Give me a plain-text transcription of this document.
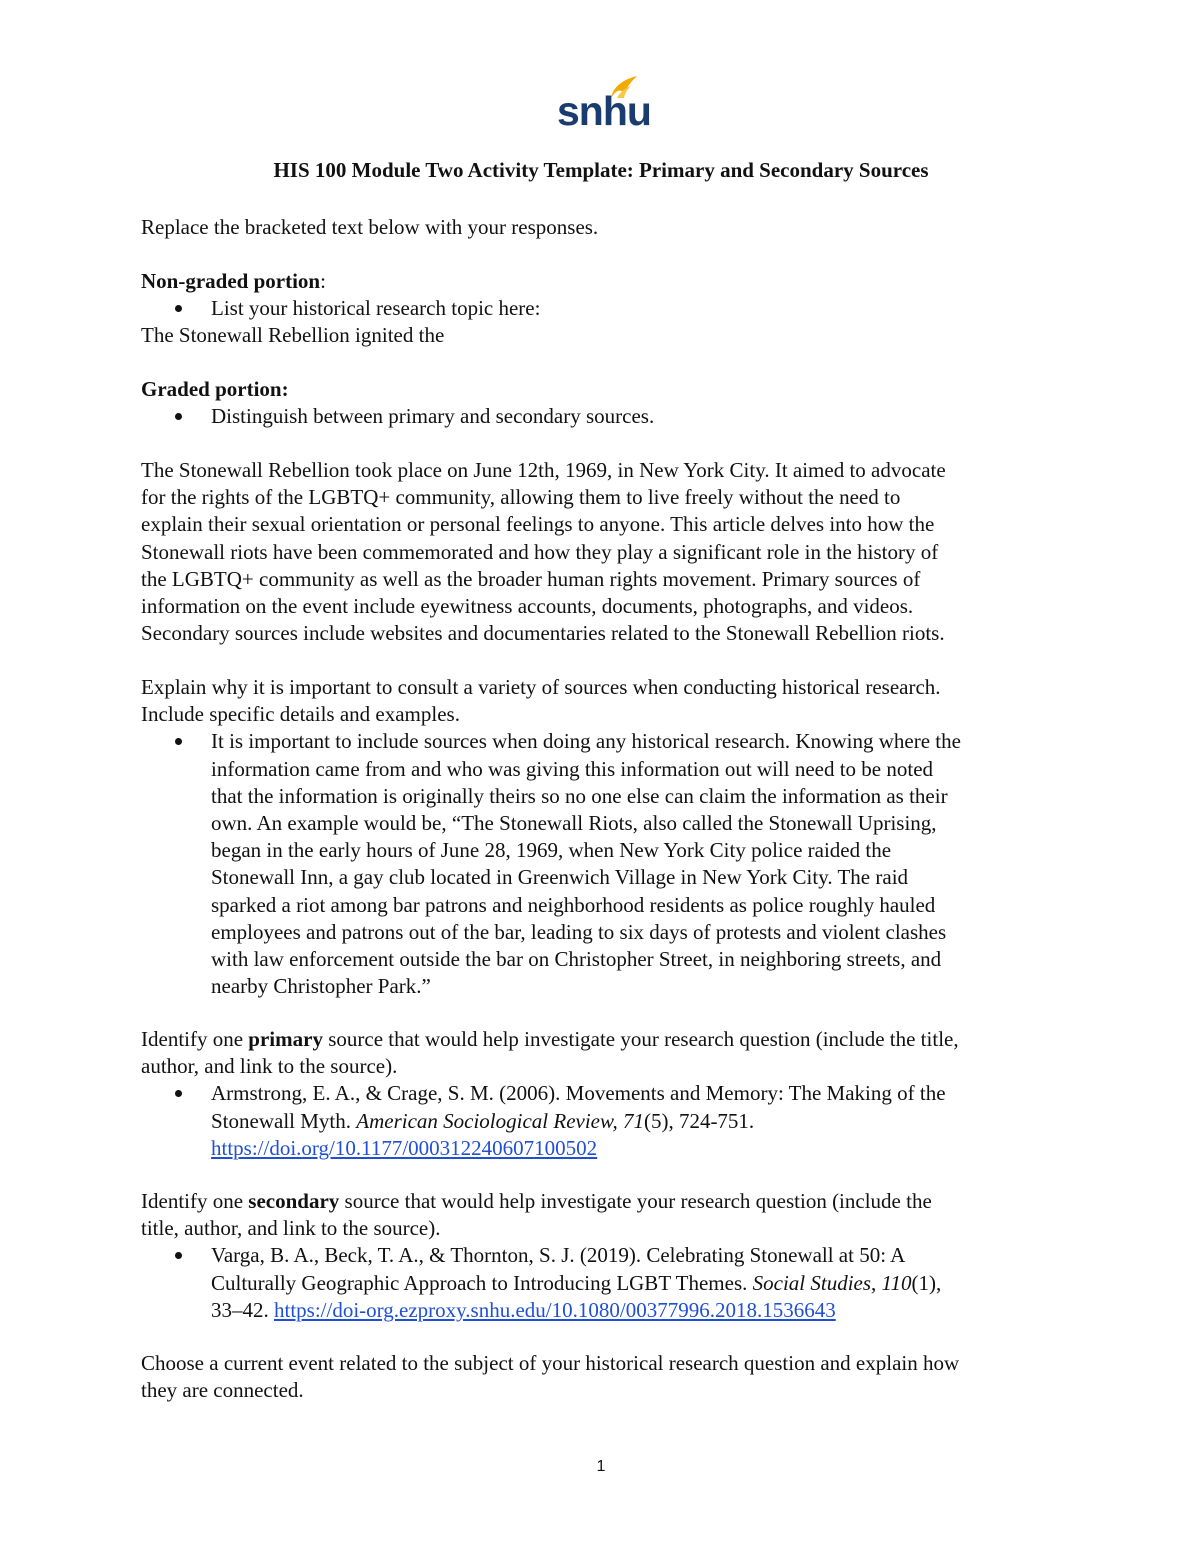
snhu
HIS 100 Module Two Activity Template: Primary and Secondary Sources
Replace the bracketed text below with your responses.
Non-graded portion:
List your historical research topic here:
The Stonewall Rebellion ignited the
Graded portion:
Distinguish between primary and secondary sources.
The Stonewall Rebellion took place on June 12th, 1969, in New York City. It aimed to advocate
for the rights of the LGBTQ+ community, allowing them to live freely without the need to
explain their sexual orientation or personal feelings to anyone. This article delves into how the
Stonewall riots have been commemorated and how they play a significant role in the history of
the LGBTQ+ community as well as the broader human rights movement. Primary sources of
information on the event include eyewitness accounts, documents, photographs, and videos.
Secondary sources include websites and documentaries related to the Stonewall Rebellion riots.
Explain why it is important to consult a variety of sources when conducting historical research.
Include specific details and examples.
It is important to include sources when doing any historical research. Knowing where the
information came from and who was giving this information out will need to be noted
that the information is originally theirs so no one else can claim the information as their
own. An example would be, “The Stonewall Riots, also called the Stonewall Uprising,
began in the early hours of June 28, 1969, when New York City police raided the
Stonewall Inn, a gay club located in Greenwich Village in New York City. The raid
sparked a riot among bar patrons and neighborhood residents as police roughly hauled
employees and patrons out of the bar, leading to six days of protests and violent clashes
with law enforcement outside the bar on Christopher Street, in neighboring streets, and
nearby Christopher Park.”
Identify one primary source that would help investigate your research question (include the title,
author, and link to the source).
Armstrong, E. A., & Crage, S. M. (2006). Movements and Memory: The Making of the
Stonewall Myth. American Sociological Review, 71(5), 724-751.
https://doi.org/10.1177/000312240607100502
Identify one secondary source that would help investigate your research question (include the
title, author, and link to the source).
Varga, B. A., Beck, T. A., & Thornton, S. J. (2019). Celebrating Stonewall at 50: A
Culturally Geographic Approach to Introducing LGBT Themes. Social Studies, 110(1),
33–42. https://doi-org.ezproxy.snhu.edu/10.1080/00377996.2018.1536643
Choose a current event related to the subject of your historical research question and explain how
they are connected.
1
